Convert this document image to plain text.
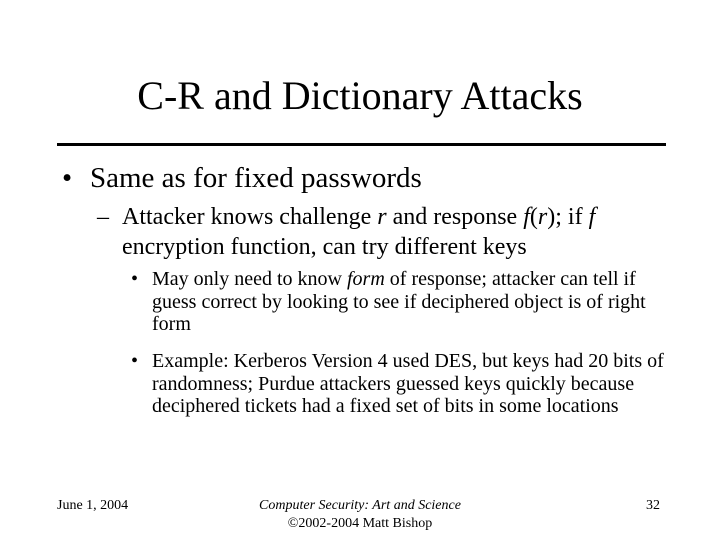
C-R and Dictionary Attacks
• Same as for fixed passwords
– Attacker knows challenge r and response f(r); if f encryption function, can try different keys
• May only need to know form of response; attacker can tell if guess correct by looking to see if deciphered object is of right form
• Example: Kerberos Version 4 used DES, but keys had 20 bits of randomness; Purdue attackers guessed keys quickly because deciphered tickets had a fixed set of bits in some locations
June 1, 2004	Computer Security: Art and Science
©2002-2004 Matt Bishop
32
